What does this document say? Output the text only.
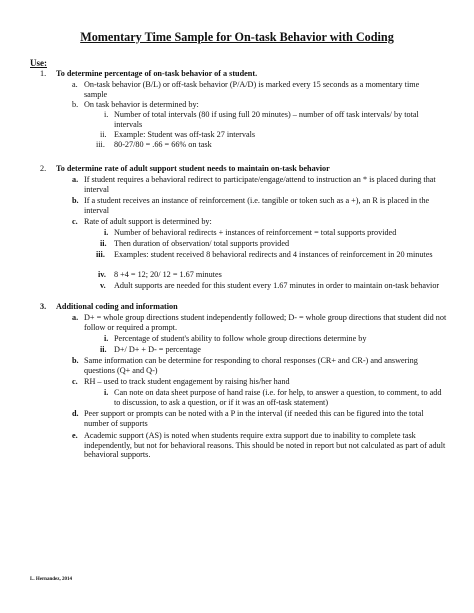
Momentary Time Sample for On-task Behavior with Coding
Use:
1. To determine percentage of on-task behavior of a student.
a. On-task behavior (B/L) or off-task behavior (P/A/D) is marked every 15 seconds as a momentary time sample
b. On task behavior is determined by:
i. Number of total intervals (80 if using full 20 minutes) – number of off task intervals/ by total intervals
ii. Example: Student was off-task 27 intervals
iii. 80-27/80 = .66 = 66% on task
2. To determine rate of adult support student needs to maintain on-task behavior
a. If student requires a behavioral redirect to participate/engage/attend to instruction an * is placed during that interval
b. If a student receives an instance of reinforcement (i.e. tangible or token such as a +), an R is placed in the interval
c. Rate of adult support is determined by:
i. Number of behavioral redirects + instances of reinforcement = total supports provided
ii. Then duration of observation/ total supports provided
iii. Examples: student received 8 behavioral redirects and 4 instances of reinforcement in 20 minutes
iv. 8 +4 = 12; 20/ 12 = 1.67 minutes
v. Adult supports are needed for this student every 1.67 minutes in order to maintain on-task behavior
3. Additional coding and information
a. D+ = whole group directions student independently followed; D- = whole group directions that student did not follow or required a prompt.
i. Percentage of student's ability to follow whole group directions determine by
ii. D+/ D+ + D- = percentage
b. Same information can be determine for responding to choral responses (CR+ and CR-) and answering questions (Q+ and Q-)
c. RH – used to track student engagement by raising his/her hand
i. Can note on data sheet purpose of hand raise (i.e. for help, to answer a question, to comment, to add to discussion, to ask a question, or if it was an off-task statement)
d. Peer support or prompts can be noted with a P in the interval (if needed this can be figured into the total number of supports
e. Academic support (AS) is noted when students require extra support due to inability to complete task independently, but not for behavioral reasons. This should be noted in report but not calculated as part of adult behavioral supports.
L. Hernandez, 2014
